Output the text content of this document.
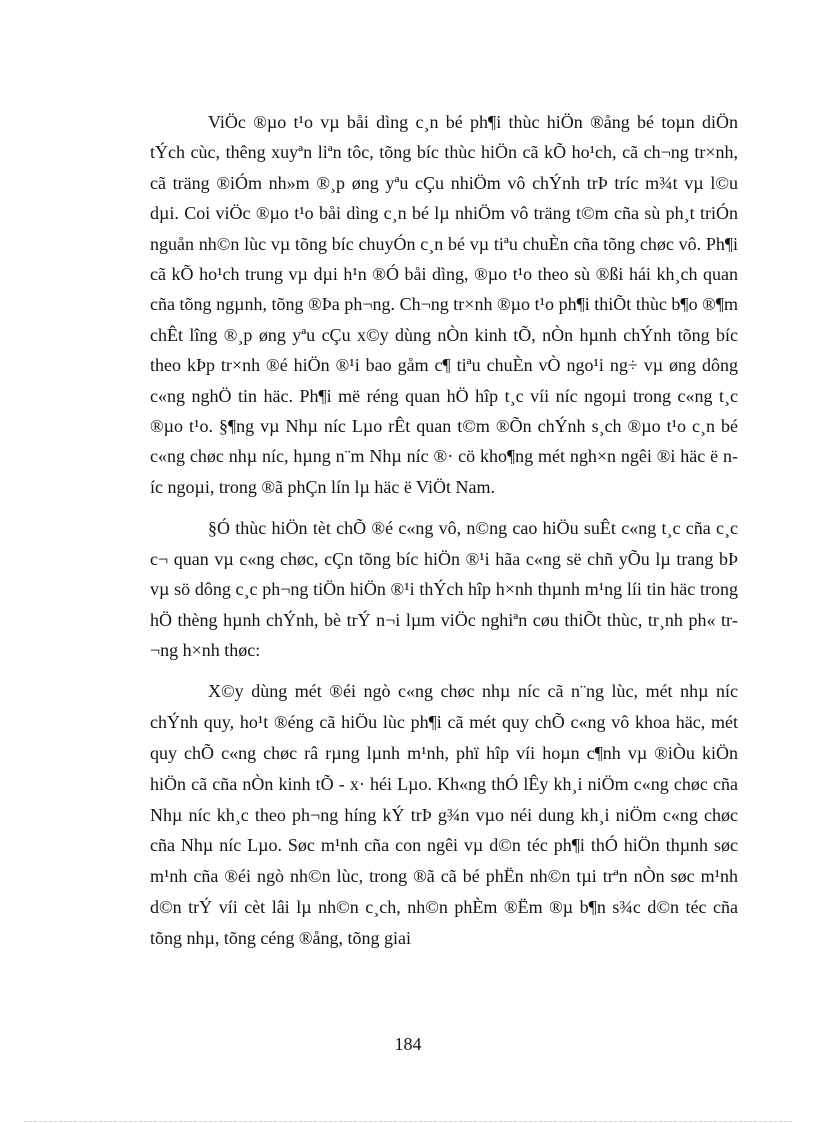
ViÖc ®µo t¹o vµ båi dìng c¸n bé ph¶i thùc hiÖn ®ång bé toµn diÖn tÝch cùc, thêng xuyªn liªn tôc, tõng bíc thùc hiÖn cã kÕ ho¹ch, cã ch¬ng tr×nh, cã träng ®iÓm nh»m ®¸p øng yªu cÇu nhiÖm vô chÝnh trÞ tríc m¾t vµ l©u dµi. Coi viÖc ®µo t¹o båi dìng c¸n bé lµ nhiÖm vô träng t©m cña sù ph¸t triÓn nguån nh©n lùc vµ tõng bíc chuyÓn c¸n bé vµ tiªu chuÈn cña tõng chøc vô. Ph¶i cã kÕ ho¹ch trung vµ dµi h¹n ®Ó båi dìng, ®µo t¹o theo sù ®ßi hái kh¸ch quan cña tõng ngµnh, tõng ®Þa ph¬ng. Ch¬ng tr×nh ®µo t¹o ph¶i thiÕt thùc b¶o ®¶m chÊt lîng ®¸p øng yªu cÇu x©y dùng nÒn kinh tÕ, nÒn hµnh chÝnh tõng bíc theo kÞp tr×nh ®é hiÖn ®¹i bao gåm c¶ tiªu chuÈn vÒ ngo¹i ng÷ vµ øng dông c«ng nghÖ tin häc. Ph¶i më réng quan hÖ hîp t¸c víi níc ngoµi trong c«ng t¸c ®µo t¹o. §¶ng vµ Nhµ níc Lµo rÊt quan t©m ®Õn chÝnh s¸ch ®µo t¹o c¸n bé c«ng chøc nhµ níc, hµng n¨m Nhµ níc ®· cö kho¶ng mét ngh×n ngêi ®i häc ë níc ngoµi, trong ®ã phÇn lín lµ häc ë ViÖt Nam.

§Ó thùc hiÖn tèt chÕ ®é c«ng vô, n©ng cao hiÖu suÊt c«ng t¸c cña c¸c c¬ quan vµ c«ng chøc, cÇn tõng bíc hiÖn ®¹i hãa c«ng së chñ yÕu lµ trang bÞ vµ sö dông c¸c ph¬ng tiÖn hiÖn ®¹i thÝch hîp h×nh thµnh m¹ng líi tin häc trong hÖ thèng hµnh chÝnh, bè trÝ n¬i lµm viÖc nghiªn cøu thiÕt thùc, tr¸nh ph« tr¬ng h×nh thøc:

X©y dùng mét ®éi ngò c«ng chøc nhµ níc cã n¨ng lùc, mét nhµ níc chÝnh quy, ho¹t ®éng cã hiÖu lùc ph¶i cã mét quy chÕ c«ng vô khoa häc, mét quy chÕ c«ng chøc râ rµng lµnh m¹nh, phï hîp víi hoµn c¶nh vµ ®iÒu kiÖn hiÖn cã cña nÒn kinh tÕ - x· héi Lµo. Kh«ng thÓ lÊy kh¸i niÖm c«ng chøc cña Nhµ níc kh¸c theo ph¬ng híng kÝ trÞ g¾n vµo néi dung kh¸i niÖm c«ng chøc cña Nhµ níc Lµo. Søc m¹nh cña con ngêi vµ d©n téc ph¶i thÓ hiÖn thµnh søc m¹nh cña ®éi ngò nh©n lùc, trong ®ã cã bé phËn nh©n tµi trªn nÒn søc m¹nh d©n trÝ víi cèt lâi lµ nh©n c¸ch, nh©n phÈm ®Ëm ®µ b¶n s¾c d©n téc cña tõng nhµ, tõng céng ®ång, tõng giai

184
